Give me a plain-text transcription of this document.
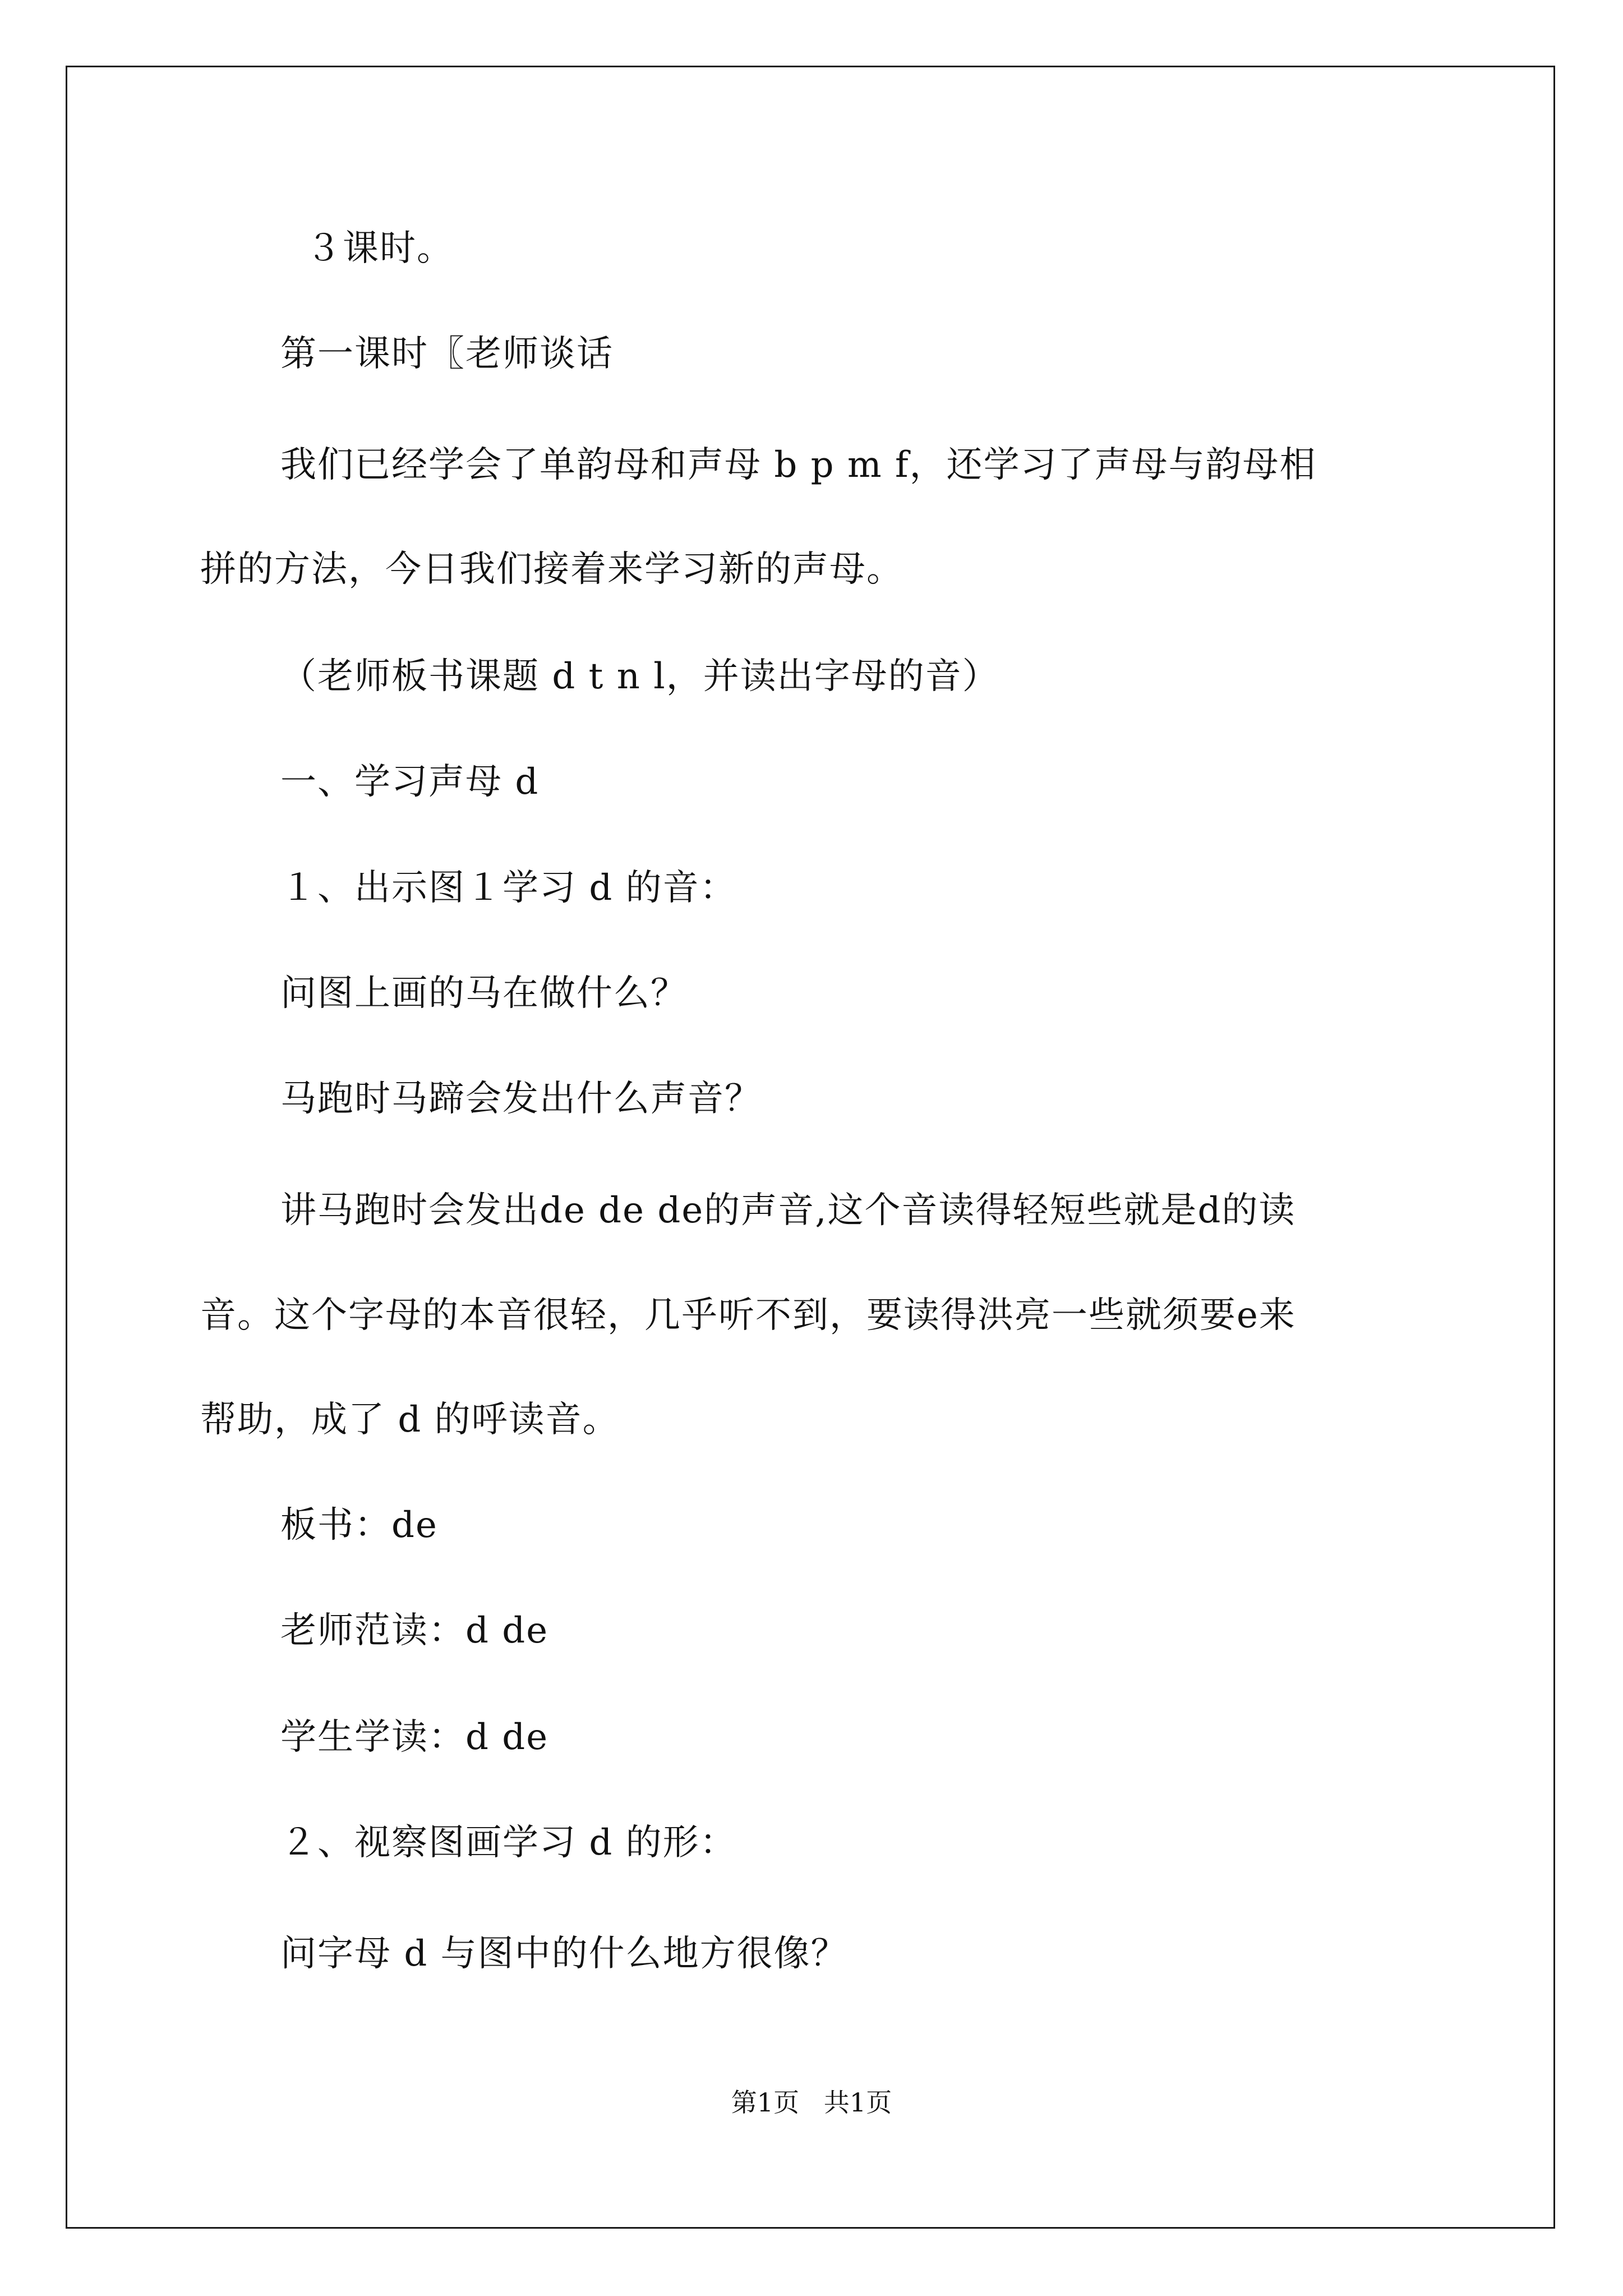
３课时。
第一课时〖老师谈话
我们已经学会了单韵母和声母 b p m f，还学习了声母与韵母相
拼的方法，今日我们接着来学习新的声母。
（老师板书课题 d t n l，并读出字母的音）
一、学习声母 d
１、出示图１学习 d 的音：
问图上画的马在做什么？
马跑时马蹄会发出什么声音？
讲马跑时会发出de de de的声音,这个音读得轻短些就是d的读
音。这个字母的本音很轻，几乎听不到，要读得洪亮一些就须要e来
帮助，成了 d 的呼读音。
板书：de
老师范读：d de
学生学读：d de
２、视察图画学习 d 的形：
问字母 d 与图中的什么地方很像？
第1页   共1页
